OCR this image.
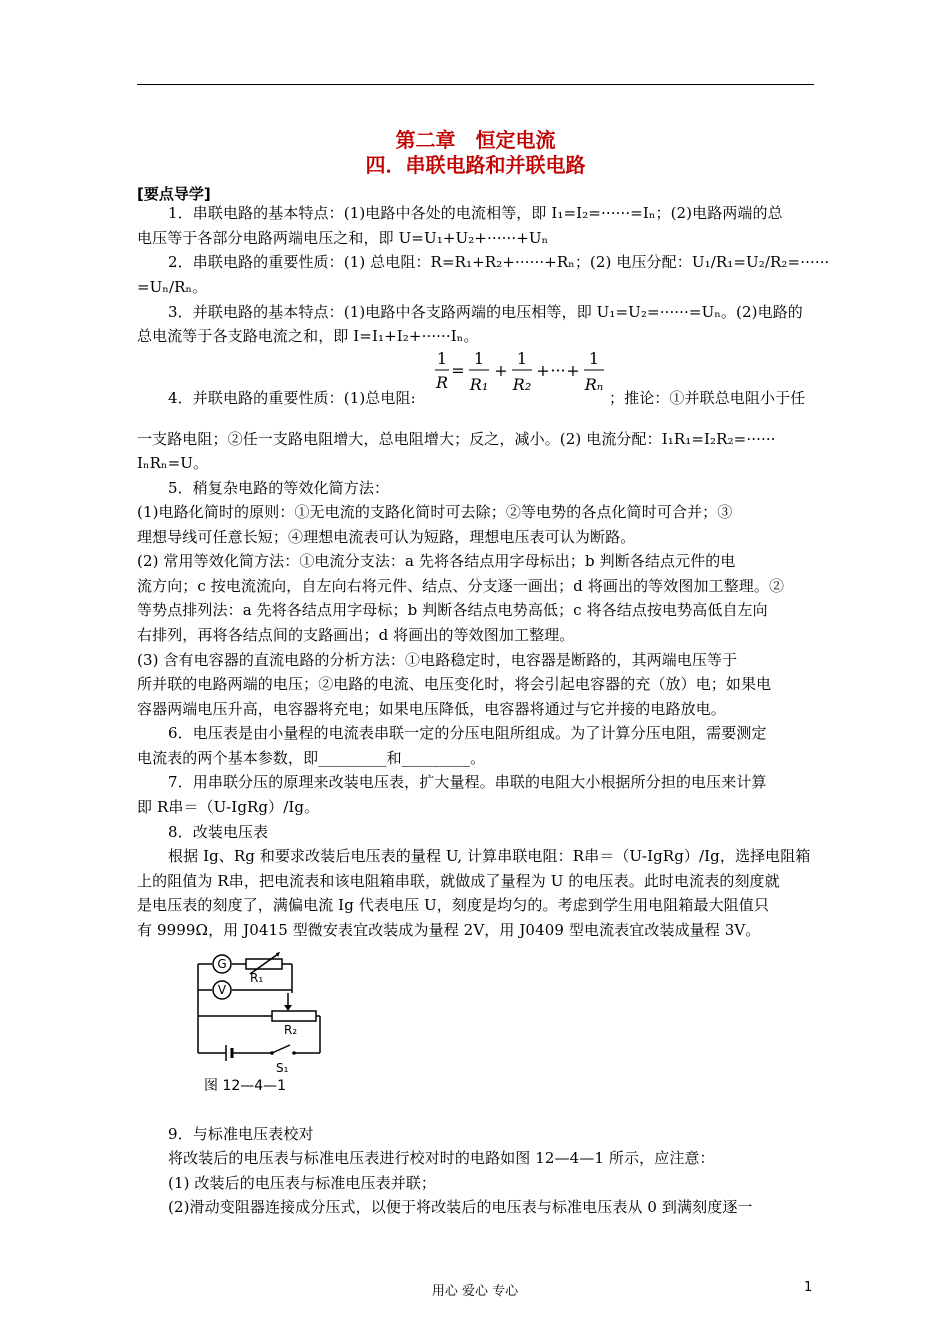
第二章　恒定电流
四．串联电路和并联电路
[要点导学]
1．串联电路的基本特点：(1)电路中各处的电流相等，即 I₁=I₂=······=Iₙ；(2)电路两端的总
电压等于各部分电路两端电压之和，即 U=U₁+U₂+······+Uₙ
2．串联电路的重要性质：(1) 总电阻：R=R₁+R₂+······+Rₙ；(2) 电压分配：U₁/R₁=U₂/R₂=······
=Uₙ/Rₙ。
3．并联电路的基本特点：(1)电路中各支路两端的电压相等，即 U₁=U₂=······=Uₙ。(2)电路的
总电流等于各支路电流之和，即 I=I₁+I₂+······Iₙ。
4．并联电路的重要性质：(1)总电阻:
1
R
=
1
R₁
+
1
R₂
+ ··· +
1
Rₙ
；推论：①并联总电阻小于任
一支路电阻；②任一支路电阻增大，总电阻增大；反之，减小。(2) 电流分配：I₁R₁=I₂R₂=······
IₙRₙ=U。
5．稍复杂电路的等效化简方法：
(1)电路化简时的原则：①无电流的支路化简时可去除；②等电势的各点化简时可合并；③
理想导线可任意长短；④理想电流表可认为短路，理想电压表可认为断路。
(2) 常用等效化简方法：①电流分支法：a 先将各结点用字母标出；b 判断各结点元件的电
流方向；c 按电流流向，自左向右将元件、结点、分支逐一画出；d 将画出的等效图加工整理。②
等势点排列法：a 先将各结点用字母标；b 判断各结点电势高低；c 将各结点按电势高低自左向
右排列，再将各结点间的支路画出；d 将画出的等效图加工整理。
(3) 含有电容器的直流电路的分析方法：①电路稳定时，电容器是断路的，其两端电压等于
所并联的电路两端的电压；②电路的电流、电压变化时，将会引起电容器的充（放）电；如果电
容器两端电压升高，电容器将充电；如果电压降低，电容器将通过与它并接的电路放电。
6．电压表是由小量程的电流表串联一定的分压电阻所组成。为了计算分压电阻，需要测定
电流表的两个基本参数，即_________和_________。
7．用串联分压的原理来改装电压表，扩大量程。串联的电阻大小根据所分担的电压来计算
即 R串＝（U-IgRg）/Ig。
8．改装电压表
根据 Ig、Rg 和要求改装后电压表的量程 U, 计算串联电阻：R串＝（U-IgRg）/Ig，选择电阻箱
上的阻值为 R串，把电流表和该电阻箱串联，就做成了量程为 U 的电压表。此时电流表的刻度就
是电压表的刻度了，满偏电流 Ig 代表电压 U，刻度是均匀的。考虑到学生用电阻箱最大阻值只
有 9999Ω，用 J0415 型微安表宜改装成为量程 2V，用 J0409 型电流表宜改装成量程 3V。
G
V
R₁
R₂
S₁
图 12—4—1
9．与标准电压表校对
将改装后的电压表与标准电压表进行校对时的电路如图 12—4—1 所示，应注意：
(1) 改装后的电压表与标准电压表并联；
(2)滑动变阻器连接成分压式，以便于将改装后的电压表与标准电压表从 0 到满刻度逐一
用心 爱心 专心	1
